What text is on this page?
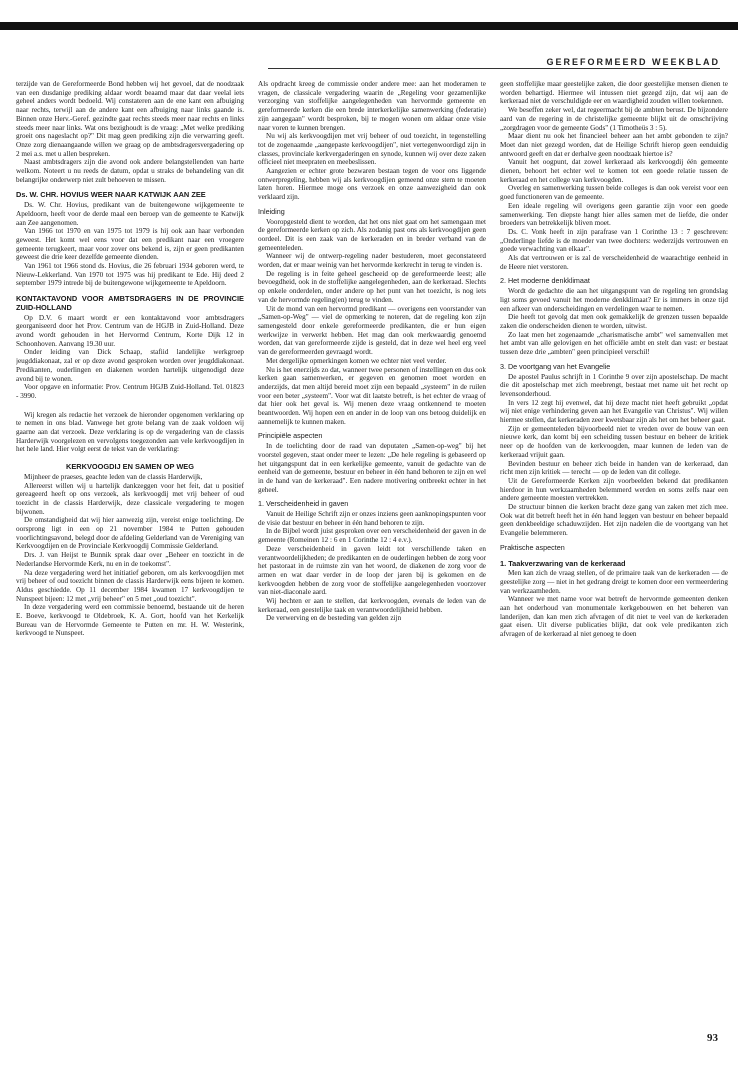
GEREFORMEERD WEEKBLAD

terzijde van de Gereformeerde Bond hebben wij het gevoel, dat de noodzaak van een dusdanige prediking aldaar wordt beaamd maar dat daar veelal iets geheel anders wordt bedoeld. Wij constateren aan de ene kant een afbuiging naar rechts, terwijl aan de andere kant een afbuiging naar links gaande is. Binnen onze Herv.-Geref. gezindte gaat rechts steeds meer naar rechts en links steeds meer naar links. Wat ons bezighoudt is de vraag: „Met welke prediking groeit ons nageslacht op?" Dit mag geen prediking zijn die verwarring geeft. Onze zorg dienaangaande willen we graag op de ambtsdragersvergadering op 2 mei a.s. met u allen bespreken.

Naast ambtsdragers zijn die avond ook andere belangstellenden van harte welkom. Noteert u nu reeds de datum, opdat u straks de behandeling van dit belangrijke onderwerp niet zult behoeven te missen.

Ds. W. CHR. HOVIUS WEER NAAR KATWIJK AAN ZEE

Ds. W. Chr. Hovius, predikant van de buitengewone wijkgemeente te Apeldoorn, heeft voor de derde maal een beroep van de gemeente te Katwijk aan Zee aangenomen.

Van 1966 tot 1970 en van 1975 tot 1979 is hij ook aan haar verbonden geweest. Het komt wel eens voor dat een predikant naar een vroegere gemeente terugkeert, maar voor zover ons bekend is, zijn er geen predikanten geweest die drie keer dezelfde gemeente dienden.

Van 1961 tot 1966 stond ds. Hovius, die 26 februari 1934 geboren werd, te Nieuw-Lekkerland. Van 1970 tot 1975 was hij predikant te Ede. Hij deed 2 september 1979 intrede bij de buitengewone wijkgemeente te Apeldoorn.

KONTAKTAVOND VOOR AMBTSDRAGERS IN DE PROVINCIE ZUID-HOLLAND

Op D.V. 6 maart wordt er een kontaktavond voor ambtsdragers georganiseerd door het Prov. Centrum van de HGJB in Zuid-Holland. Deze avond wordt gehouden in het Hervormd Centrum, Korte Dijk 12 in Schoonhoven. Aanvang 19.30 uur.

Onder leiding van Dick Schaap, stafiid landelijke werkgroep jeugddiakonaat, zal er op deze avond gesproken worden over jeugddiakonaat. Predikanten, ouderlingen en diakenen worden hartelijk uitgenodigd deze avond bij te wonen.

Voor opgave en informatie: Prov. Centrum HGJB Zuid-Holland. Tel. 01823 - 3990.

Wij kregen als redactie het verzoek de hieronder opgenomen verklaring op te nemen in ons blad. Vanwege het grote belang van de zaak voldoen wij gaarne aan dat verzoek. Deze verklaring is op de vergadering van de classis Harderwijk voorgelezen en vervolgens toegezonden aan vele kerkvoogdijen in het hele land. Hier volgt eerst de tekst van de verklaring:

KERKVOOGDIJ EN SAMEN OP WEG

Mijnheer de praeses, geachte leden van de classis Harderwijk,

Allereerst willen wij u hartelijk dankzeggen voor het feit, dat u positief gereageerd heeft op ons verzoek, als kerkvoogdij met vrij beheer of oud toezicht in de classis Harderwijk, deze classicale vergadering te mogen bijwonen.

De omstandigheid dat wij hier aanwezig zijn, vereist enige toelichting. De oorsprong ligt in een op 21 november 1984 te Putten gehouden voorlichtingsavond, belegd door de afdeling Gelderland van de Vereniging van Kerkvoogdijen en de Provinciale Kerkvoogdij Commissie Gelderland.

Drs. J. van Heijst te Bunnik sprak daar over „Beheer en toezicht in de Nederlandse Hervormde Kerk, nu en in de toekomst".

Na deze vergadering werd het initiatief geboren, om als kerkvoogdijen met vrij beheer of oud toezicht binnen de classis Harderwijk eens bijeen te komen. Aldus geschiedde. Op 11 december 1984 kwamen 17 kerkvoogdijen te Nunspeet bijeen: 12 met „vrij beheer" en 5 met „oud toezicht".

In deze vergadering werd een commissie benoemd, bestaande uit de heren E. Boeve, kerkvoogd te Oldebroek, K. A. Gort, hoofd van het Kerkelijk Bureau van de Hervormde Gemeente te Putten en mr. H. W. Westerink, kerkvoogd te Nunspeet.

Als opdracht kreeg de commissie onder andere mee: aan het moderamen te vragen, de classicale vergadering waarin de „Regeling voor gezamenlijke verzorging van stoffelijke aangelegenheden van hervormde gemeente en gereformeerde kerken die een brede interkerkelijke samenwerking (federatie) zijn aangegaan" wordt besproken, bij te mogen wonen om aldaar onze visie naar voren te kunnen brengen.

Nu wij als kerkvoogdijen met vrij beheer of oud toezicht, in tegenstelling tot de zogenaamde „aangepaste kerkvoogdijen", niet vertegenwoordigd zijn in classes, provinciale kerkvergaderingen en synode, kunnen wij over deze zaken officieel niet meepraten en meebeslissen.

Aangezien er echter grote bezwaren bestaan tegen de voor ons liggende ontwerpregeling, hebben wij als kerkvoogdijen gemeend onze stem te moeten laten horen. Hiermee moge ons verzoek en onze aanwezigheid dan ook verklaard zijn.

Inleiding

Vooropgesteld dient te worden, dat het ons niet gaat om het samengaan met de gereformeerde kerken op zich. Als zodanig past ons als kerkvoogdijen geen oordeel. Dit is een zaak van de kerkeraden en in breder verband van de gemeenteleden.

Wanneer wij de ontwerp-regeling nader bestuderen, moet geconstateerd worden, dat er maar weinig van het hervormde kerkrecht in terug te vinden is.

De regeling is in feite geheel gescheeid op de gereformeerde leest; alle bevoegdheid, ook in de stoffelijke aangelegenheden, aan de kerkeraad. Slechts op enkele onderdelen, onder andere op het punt van het toezicht, is nog iets van de hervormde regeling(en) terug te vinden.

Uit de mond van een hervormd predikant — overigens een voorstander van „Samen-op-Weg" — viel de opmerking te noteren, dat de regeling kon zijn samengesteld door enkele gereformeerde predikanten, die er hun eigen werkwijze in verwerkt hebben. Het mag dan ook merkwaardig genoemd worden, dat van gereformeerde zijde is gesteld, dat in deze wel heel erg veel van de gereformeerden gevraagd wordt.

Met dergelijke opmerkingen komen we echter niet veel verder.

Nu is het enerzijds zo dat, wanneer twee personen of instellingen en dus ook kerken gaan samenwerken, er gegeven en genomen moet worden en anderzijds, dat men altijd bereid moet zijn een bepaald „systeem" in de ruilen voor een beter „systeem". Voor wat dit laatste betreft, is het echter de vraag of dat hier ook het geval is. Wij menen deze vraag ontkennend te moeten beantwoorden. Wij hopen een en ander in de loop van ons betoog duidelijk en aannemelijk te kunnen maken.

Principiële aspecten

In de toelichting door de raad van deputaten „Samen-op-weg" bij het voorstel gegeven, staat onder meer te lezen: „De hele regeling is gebaseerd op het uitgangspunt dat in een kerkelijke gemeente, vanuit de gedachte van de eenheid van de gemeente, bestuur en beheer in één hand behoren te zijn en wel in de hand van de kerkeraad". Een nadere motivering ontbreekt echter in het geheel.

1. Verscheidenheid in gaven

Vanuit de Heilige Schrift zijn er onzes inziens geen aanknopingspunten voor de visie dat bestuur en beheer in één hand behoren te zijn.

In de Bijbel wordt juist gesproken over een verscheidenheid der gaven in de gemeente (Romeinen 12 : 6 en 1 Corinthe 12 : 4 e.v.).

Deze verscheidenheid in gaven leidt tot verschillende taken en verantwoordelijkheden; de predikanten en de ouderlingen hebben de zorg voor het pastoraat in de ruimste zin van het woord, de diakenen de zorg voor de armen en wat daar verder in de loop der jaren bij is gekomen en de kerkvoogden hebben de zorg voor de stoffelijke aangelegenheden voorzover van niet-diaconale aard.

Wij hechten er aan te stellen, dat kerkvoogden, evenals de leden van de kerkeraad, een geestelijke taak en verantwoordelijkheid hebben.

De verwerving en de besteding van gelden zijn

geen stoffelijke maar geestelijke zaken, die door geestelijke mensen dienen te worden behartigd. Hiermee wil intussen niet gezegd zijn, dat wij aan de kerkeraad niet de verschuldigde eer en waardigheid zouden willen toekennen.

We beseffen zeker wel, dat regeermacht bij de ambten berust. De bijzondere aard van de regering in de christelijke gemeente blijkt uit de omschrijving „zorgdragen voor de gemeente Gods" (1 Timotheüs 3 : 5).

Maar dient nu ook het financieel beheer aan het ambt gebonden te zijn? Moet dan niet gezegd worden, dat de Heilige Schrift hierop geen eenduidig antwoord geeft en dat er derhalve geen noodzaak hiertoe is?

Vanuit het oogpunt, dat zowel kerkeraad als kerkvoogdij één gemeente dienen, behoort het echter wel te komen tot een goede relatie tussen de kerkeraad en het college van kerkvoogden.

Overleg en samenwerking tussen beide colleges is dan ook vereist voor een goed functioneren van de gemeente.

Een ideale regeling wil overigens geen garantie zijn voor een goede samenwerking. Ten diepste hangt hier alles samen met de liefde, die onder broeders van betrekkelijk bliven moet.

Ds. C. Vonk heeft in zijn parafrase van 1 Corinthe 13 : 7 geschreven: „Onderlinge liefde is de moeder van twee dochters: wederzijds vertrouwen en goede verwachting van elkaar".

Als dat vertrouwen er is zal de verscheidenheid de waarachtige eenheid in de Heere niet verstoren.

2. Het moderne denkklimaat

Wordt de gedachte die aan het uitgangspunt van de regeling ten grondslag ligt soms gevoed vanuit het moderne denkklimaat? Er is immers in onze tijd een afkeer van onderscheidingen en verdelingen waar te nemen.

Die heeft tot gevolg dat men ook gemakkelijk de grenzen tussen bepaalde zaken die onderscheiden dienen te worden, uitwist.

Zo laat men het zogenaamde „charismatische ambt" wel samenvallen met het ambt van alle gelovigen en het officiële ambt en stelt dan vast: er bestaat tussen deze drie „ambten" geen principieel verschil!

3. De voortgang van het Evangelie

De apostel Paulus schrijft in 1 Corinthe 9 over zijn apostelschap. De macht die dit apostelschap met zich meebrengt, bestaat met name uit het recht op levensonderhoud.

In vers 12 zegt hij evenwel, dat hij deze macht niet heeft gebruikt „opdat wij niet enige verhindering geven aan het Evangelie van Christus". Wij willen hiermee stellen, dat kerkeraden zeer kwetsbaar zijn als het om het beheer gaat.

Zijn er gemeenteleden bijvoorbeeld niet te vreden over de bouw van een nieuwe kerk, dan komt bij een scheiding tussen bestuur en beheer de kritiek neer op de hoofden van de kerkvoogden, maar kunnen de leden van de kerkeraad vrijuit gaan.

Bevinden bestuur en beheer zich beide in handen van de kerkeraad, dan richt men zijn kritiek — terecht — op de leden van dit college.

Uit de Gereformeerde Kerken zijn voorbeelden bekend dat predikanten hierdoor in hun werkzaamheden belemmerd werden en soms zelfs naar een andere gemeente moesten vertrekken.

De structuur binnen die kerken bracht deze gang van zaken met zich mee. Ook wat dit betreft heeft het in één hand leggen van bestuur en beheer bepaald geen denkbeeldige schaduwzijden. Het zijn nadelen die de voortgang van het Evangelie belemmeren.

Praktische aspecten
1. Taakverzwaring van de kerkeraad

Men kan zich de vraag stellen, of de primaire taak van de kerkeraden — de geestelijke zorg — niet in het gedrang dreigt te komen door een vermeerdering van werkzaamheden.

Wanneer we met name voor wat betreft de hervormde gemeenten denken aan het onderhoud van monumentale kerkgebouwen en het beheren van landerijen, dan kan men zich afvragen of dit niet te veel van de kerkeraden gaat eisen. Uit diverse publicaties blijkt, dat ook vele predikanten zich afvragen of de kerkeraad al niet genoeg te doen

93
